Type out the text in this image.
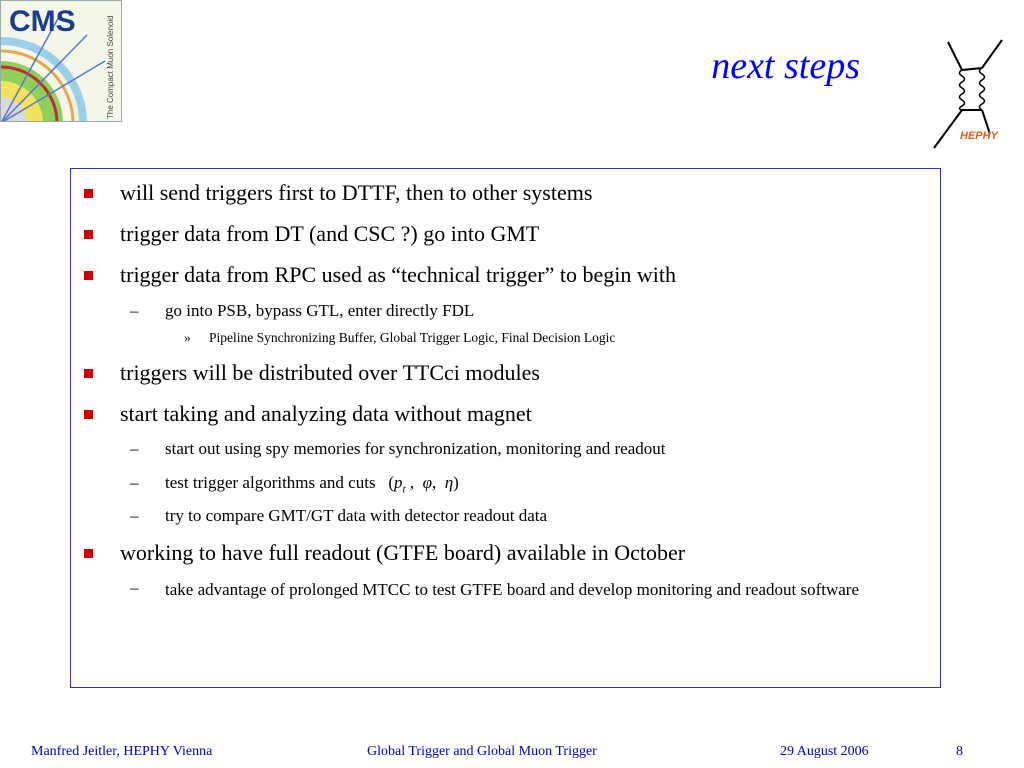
CMS	The Compact Muon Solenoid
HEPHY
next steps
will send triggers first to DTTF, then to other systems
trigger data from DT (and CSC ?) go into GMT
trigger data from RPC used as “technical trigger” to begin with
– go into PSB, bypass GTL, enter directly FDL
» Pipeline Synchronizing Buffer, Global Trigger Logic, Final Decision Logic
triggers will be distributed over TTCci modules
start taking and analyzing data without magnet
– start out using spy memories for synchronization, monitoring and readout
– test trigger algorithms and cuts   ($p_t$ ,  φ,  η)
– try to compare GMT/GT data with detector readout data
working to have full readout (GTFE board) available in October
– take advantage of prolonged MTCC to test GTFE board and develop monitoring and readout software
Manfred Jeitler, HEPHY Vienna	Global Trigger and Global Muon Trigger	29 August 2006	8
